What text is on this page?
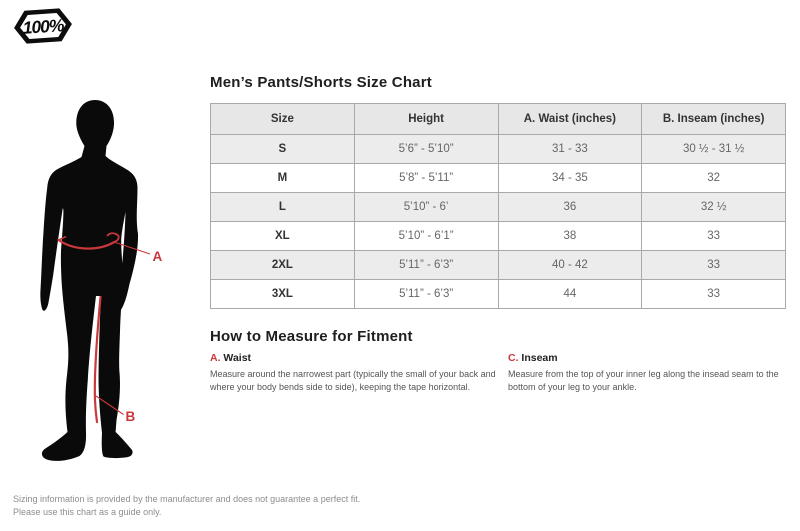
100%
A
B
Men’s Pants/Shorts Size Chart
Size	Height	A. Waist (inches)	B. Inseam (inches)
S	5’6” - 5’10”	31 - 33	30 ½ - 31 ½
M	5’8” - 5’11”	34 - 35	32
L	5’10” - 6’	36	32 ½
XL	5’10” - 6’1”	38	33
2XL	5’11” - 6’3”	40 - 42	33
3XL	5’11” - 6’3”	44	33
How to Measure for Fitment
A. Waist

Measure around the narrowest part (typically the small of your back and where your body bends side to side), keeping the tape horizontal.

C. Inseam

Measure from the top of your inner leg along the insead seam to the bottom of your leg to your ankle.

Sizing information is provided by the manufacturer and does not guarantee a perfect fit.
Please use this chart as a guide only.
